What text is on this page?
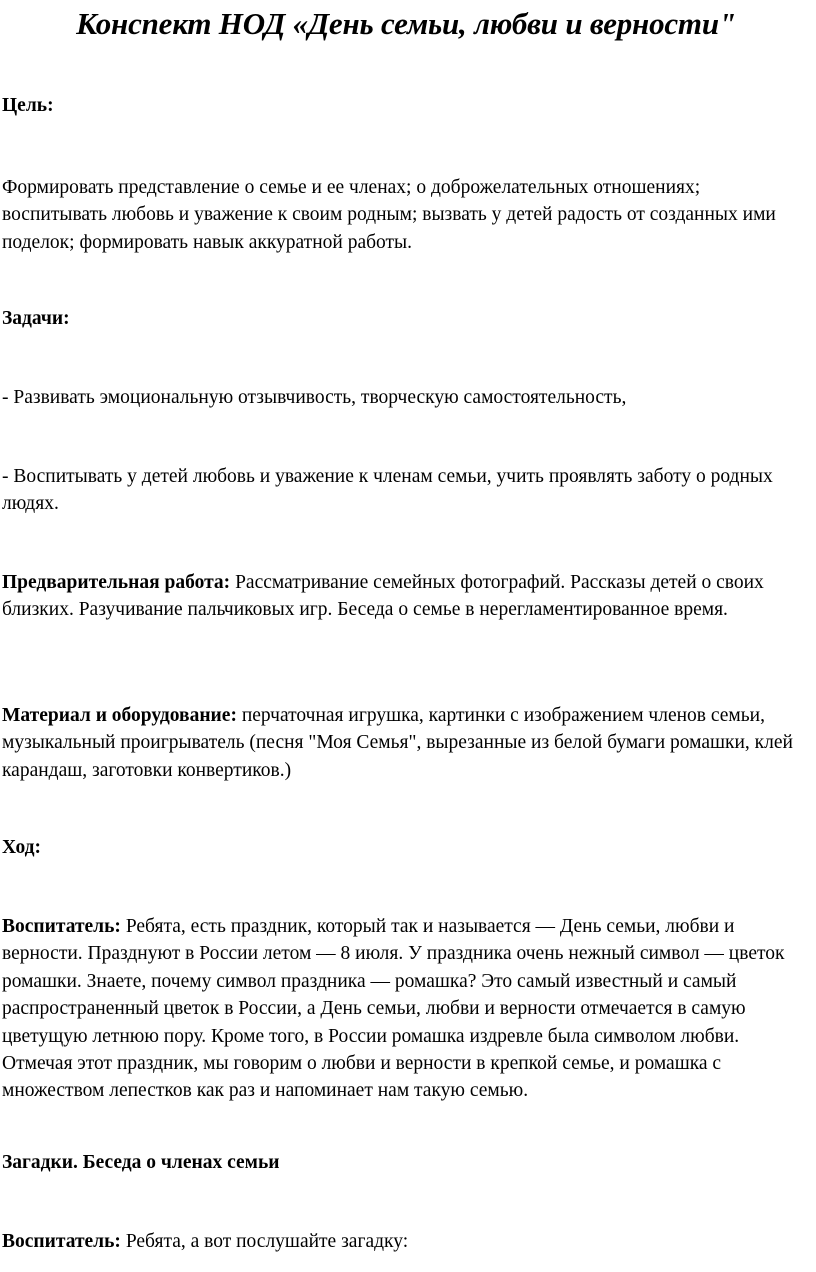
Конспект НОД «День семьи, любви и верности"
Цель:
Формировать представление о семье и ее членах; о доброжелательных отношениях; воспитывать любовь и уважение к своим родным; вызвать у детей радость от созданных ими поделок; формировать навык аккуратной работы.
Задачи:
- Развивать эмоциональную отзывчивость, творческую самостоятельность,
- Воспитывать у детей любовь и уважение к членам семьи, учить проявлять заботу о родных людях.
Предварительная работа: Рассматривание семейных фотографий. Рассказы детей о своих близких. Разучивание пальчиковых игр. Беседа о семье в нерегламентированное время.
Материал и оборудование: перчаточная игрушка, картинки с изображением членов семьи, музыкальный проигрыватель (песня "Моя Семья", вырезанные из белой бумаги ромашки, клей карандаш, заготовки конвертиков.)
Ход:
Воспитатель: Ребята, есть праздник, который так и называется — День семьи, любви и верности. Празднуют в России летом — 8 июля. У праздника очень нежный символ — цветок ромашки. Знаете, почему символ праздника — ромашка? Это самый известный и самый распространенный цветок в России, а День семьи, любви и верности отмечается в самую цветущую летнюю пору. Кроме того, в России ромашка издревле была символом любви. Отмечая этот праздник, мы говорим о любви и верности в крепкой семье, и ромашка с множеством лепестков как раз и напоминает нам такую семью.
Загадки. Беседа о членах семьи
Воспитатель: Ребята, а вот послушайте загадку:
